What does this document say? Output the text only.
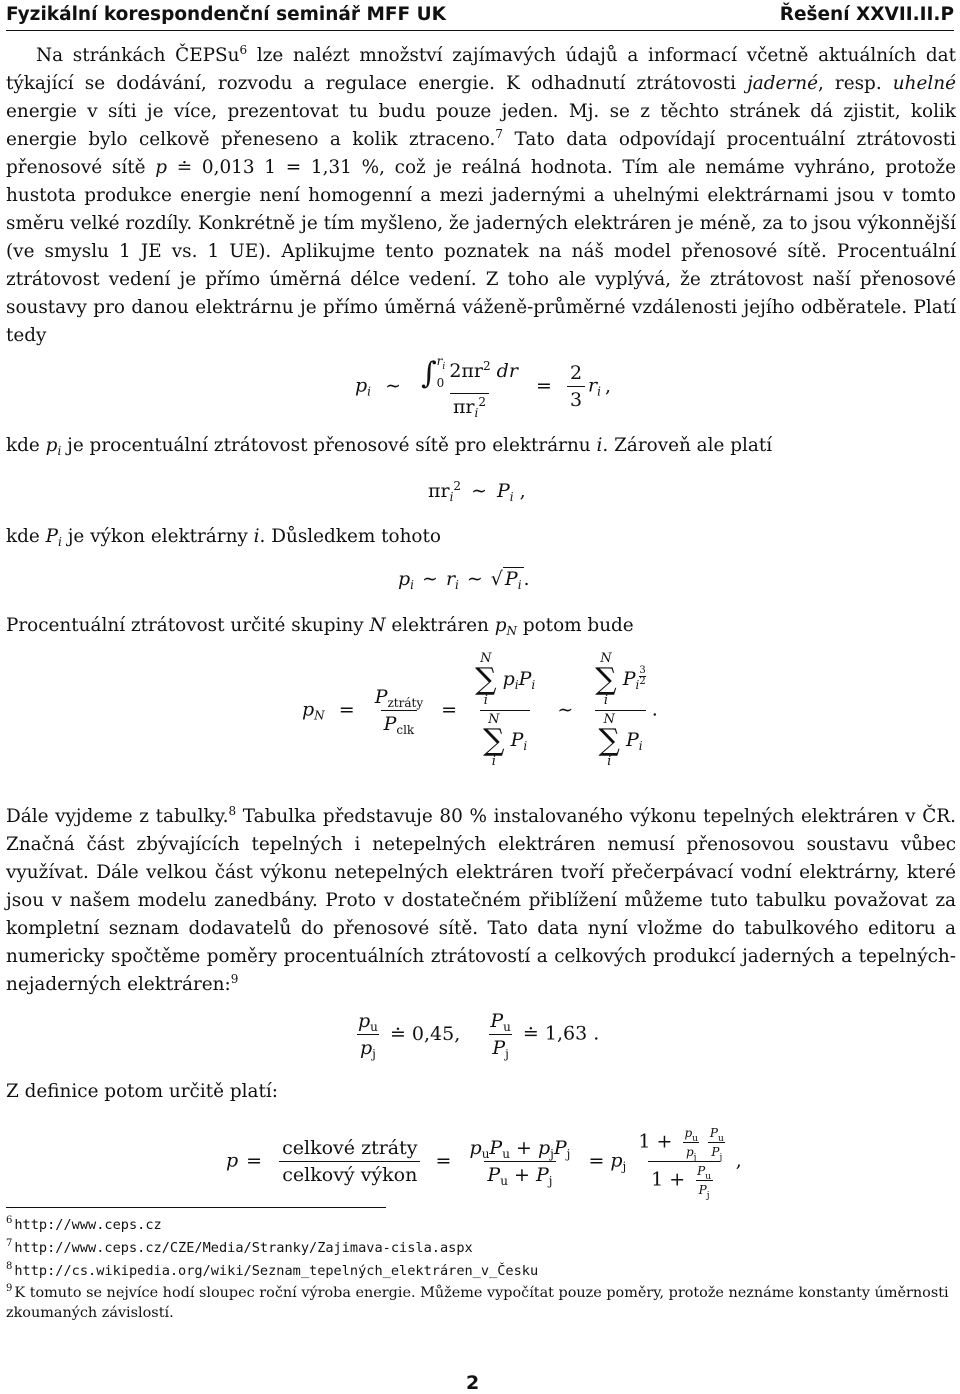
Fyzikální korespondenční seminář MFF UK	Řešení XXVII.II.P

Na stránkách ČEPSu$^6$ lze nalézt množství zajímavých údajů a informací včetně aktuálních dat týkající se dodávání, rozvodu a regulace energie. K odhadnutí ztrátovosti jaderné, resp. uhelné energie v síti je více, prezentovat tu budu pouze jeden. Mj. se z těchto stránek dá zjistit, kolik energie bylo celkově přeneseno a kolik ztraceno.$^7$ Tato data odpovídají procentuální ztrátovosti přenosové sítě p ≐ 0,013 1 = 1,31 %, což je reálná hodnota. Tím ale nemáme vyhráno, protože hustota produkce energie není homogenní a mezi jadernými a uhelnými elektrárnami jsou v tomto směru velké rozdíly. Konkrétně je tím myšleno, že jaderných elektráren je méně, za to jsou výkonnější (ve smyslu 1 JE vs. 1 UE). Aplikujme tento poznatek na náš model přenosové sítě. Procentuální ztrátovost vedení je přímo úměrná délce vedení. Z toho ale vyplývá, že ztrátovost naší přenosové soustavy pro danou elektrárnu je přímo úměrná váženě-průměrné vzdálenosti jejího odběratele. Platí tedy

$p_i$ ∼ ∫ $r_i$
0
$2\pi r^2$ dr
$\pi r_i^2 = \frac{2}{3} r_i$ ,
kde $p_i$ je procentuální ztrátovost přenosové sítě pro elektrárnu i. Zároveň ale platí
$\pi r_i^2$ ∼ $P_i$ ,
kde $P_i$ je výkon elektrárny i. Důsledkem tohoto
$p_i$ ∼ $r_i$ ∼ √ $P_i$ .
Procentuální ztrátovost určité skupiny N elektráren $p_N$ potom bude
$p_N = \frac{P_{ztráty}}{P_{clk}} = N$
∑
i
$p_iP_i$
N
∑
i
$P_i$ ∼ N
∑
i
$P_i$ $^{\frac{3}{2}}$
N
∑
i
$P_i$ .

Dále vyjdeme z tabulky.$^8$ Tabulka představuje 80 % instalovaného výkonu tepelných elektráren v ČR. Značná část zbývajících tepelných i netepelných elektráren nemusí přenosovou soustavu vůbec využívat. Dále velkou část výkonu netepelných elektráren tvoří přečerpávací vodní elektrárny, které jsou v našem modelu zanedbány. Proto v dostatečném přiblížení můžeme tuto tabulku považovat za kompletní seznam dodavatelů do přenosové sítě. Tato data nyní vložme do tabulkového editoru a numericky spočtěme poměry procentuálních ztrátovostí a celkových produkcí jaderných a tepelných-nejaderných elektráren:$^9$

$\frac{p_u}{p_j}$ ≐ 0,45, $\frac{P_u}{P_j}$ ≐ 1,63 .
Z definice potom určitě platí:
$p = \frac{\text{celkové ztráty}}{\text{celkový výkon}} = \frac{p_uP_u + p_jP_j}{P_u + P_j} = p_j \frac{1 + \frac{p_u}{p_j} \frac{P_u}{P_j}}{1 + \frac{P_u}{P_j}}$ ,
$^6$ http://www.ceps.cz
$^7$ http://www.ceps.cz/CZE/Media/Stranky/Zajimava-cisla.aspx
$^8$ http://cs.wikipedia.org/wiki/Seznam_tepelných_elektráren_v_Česku
$^9$ K tomuto se nejvíce hodí sloupec roční výroba energie. Můžeme vypočítat pouze poměry, protože neznáme konstanty úměrnosti zkoumaných závislostí.
2
